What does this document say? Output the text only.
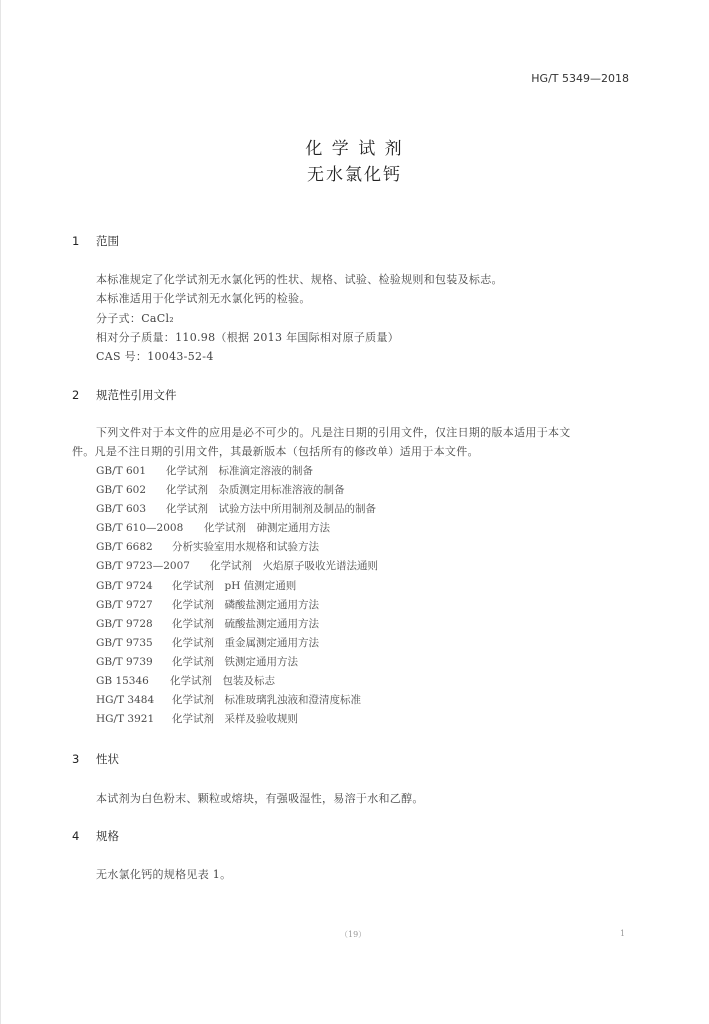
HG/T 5349—2018
化 学 试 剂
无水氯化钙
1 范围
本标准规定了化学试剂无水氯化钙的性状、规格、试验、检验规则和包装及标志。
本标准适用于化学试剂无水氯化钙的检验。
分子式：CaCl₂
相对分子质量：110.98（根据 2013 年国际相对原子质量）
CAS 号：10043-52-4
2 规范性引用文件
下列文件对于本文件的应用是必不可少的。凡是注日期的引用文件，仅注日期的版本适用于本文
件。凡是不注日期的引用文件，其最新版本（包括所有的修改单）适用于本文件。
GB/T 601 化学试剂　标准滴定溶液的制备
GB/T 602 化学试剂　杂质测定用标准溶液的制备
GB/T 603 化学试剂　试验方法中所用制剂及制品的制备
GB/T 610—2008 化学试剂　砷测定通用方法
GB/T 6682 分析实验室用水规格和试验方法
GB/T 9723—2007 化学试剂　火焰原子吸收光谱法通则
GB/T 9724 化学试剂　pH 值测定通则
GB/T 9727 化学试剂　磷酸盐测定通用方法
GB/T 9728 化学试剂　硫酸盐测定通用方法
GB/T 9735 化学试剂　重金属测定通用方法
GB/T 9739 化学试剂　铁测定通用方法
GB 15346 化学试剂　包装及标志
HG/T 3484 化学试剂　标准玻璃乳浊液和澄清度标准
HG/T 3921 化学试剂　采样及验收规则
3 性状
本试剂为白色粉末、颗粒或熔块，有强吸湿性，易溶于水和乙醇。
4 规格
无水氯化钙的规格见表 1。
（19）	1
